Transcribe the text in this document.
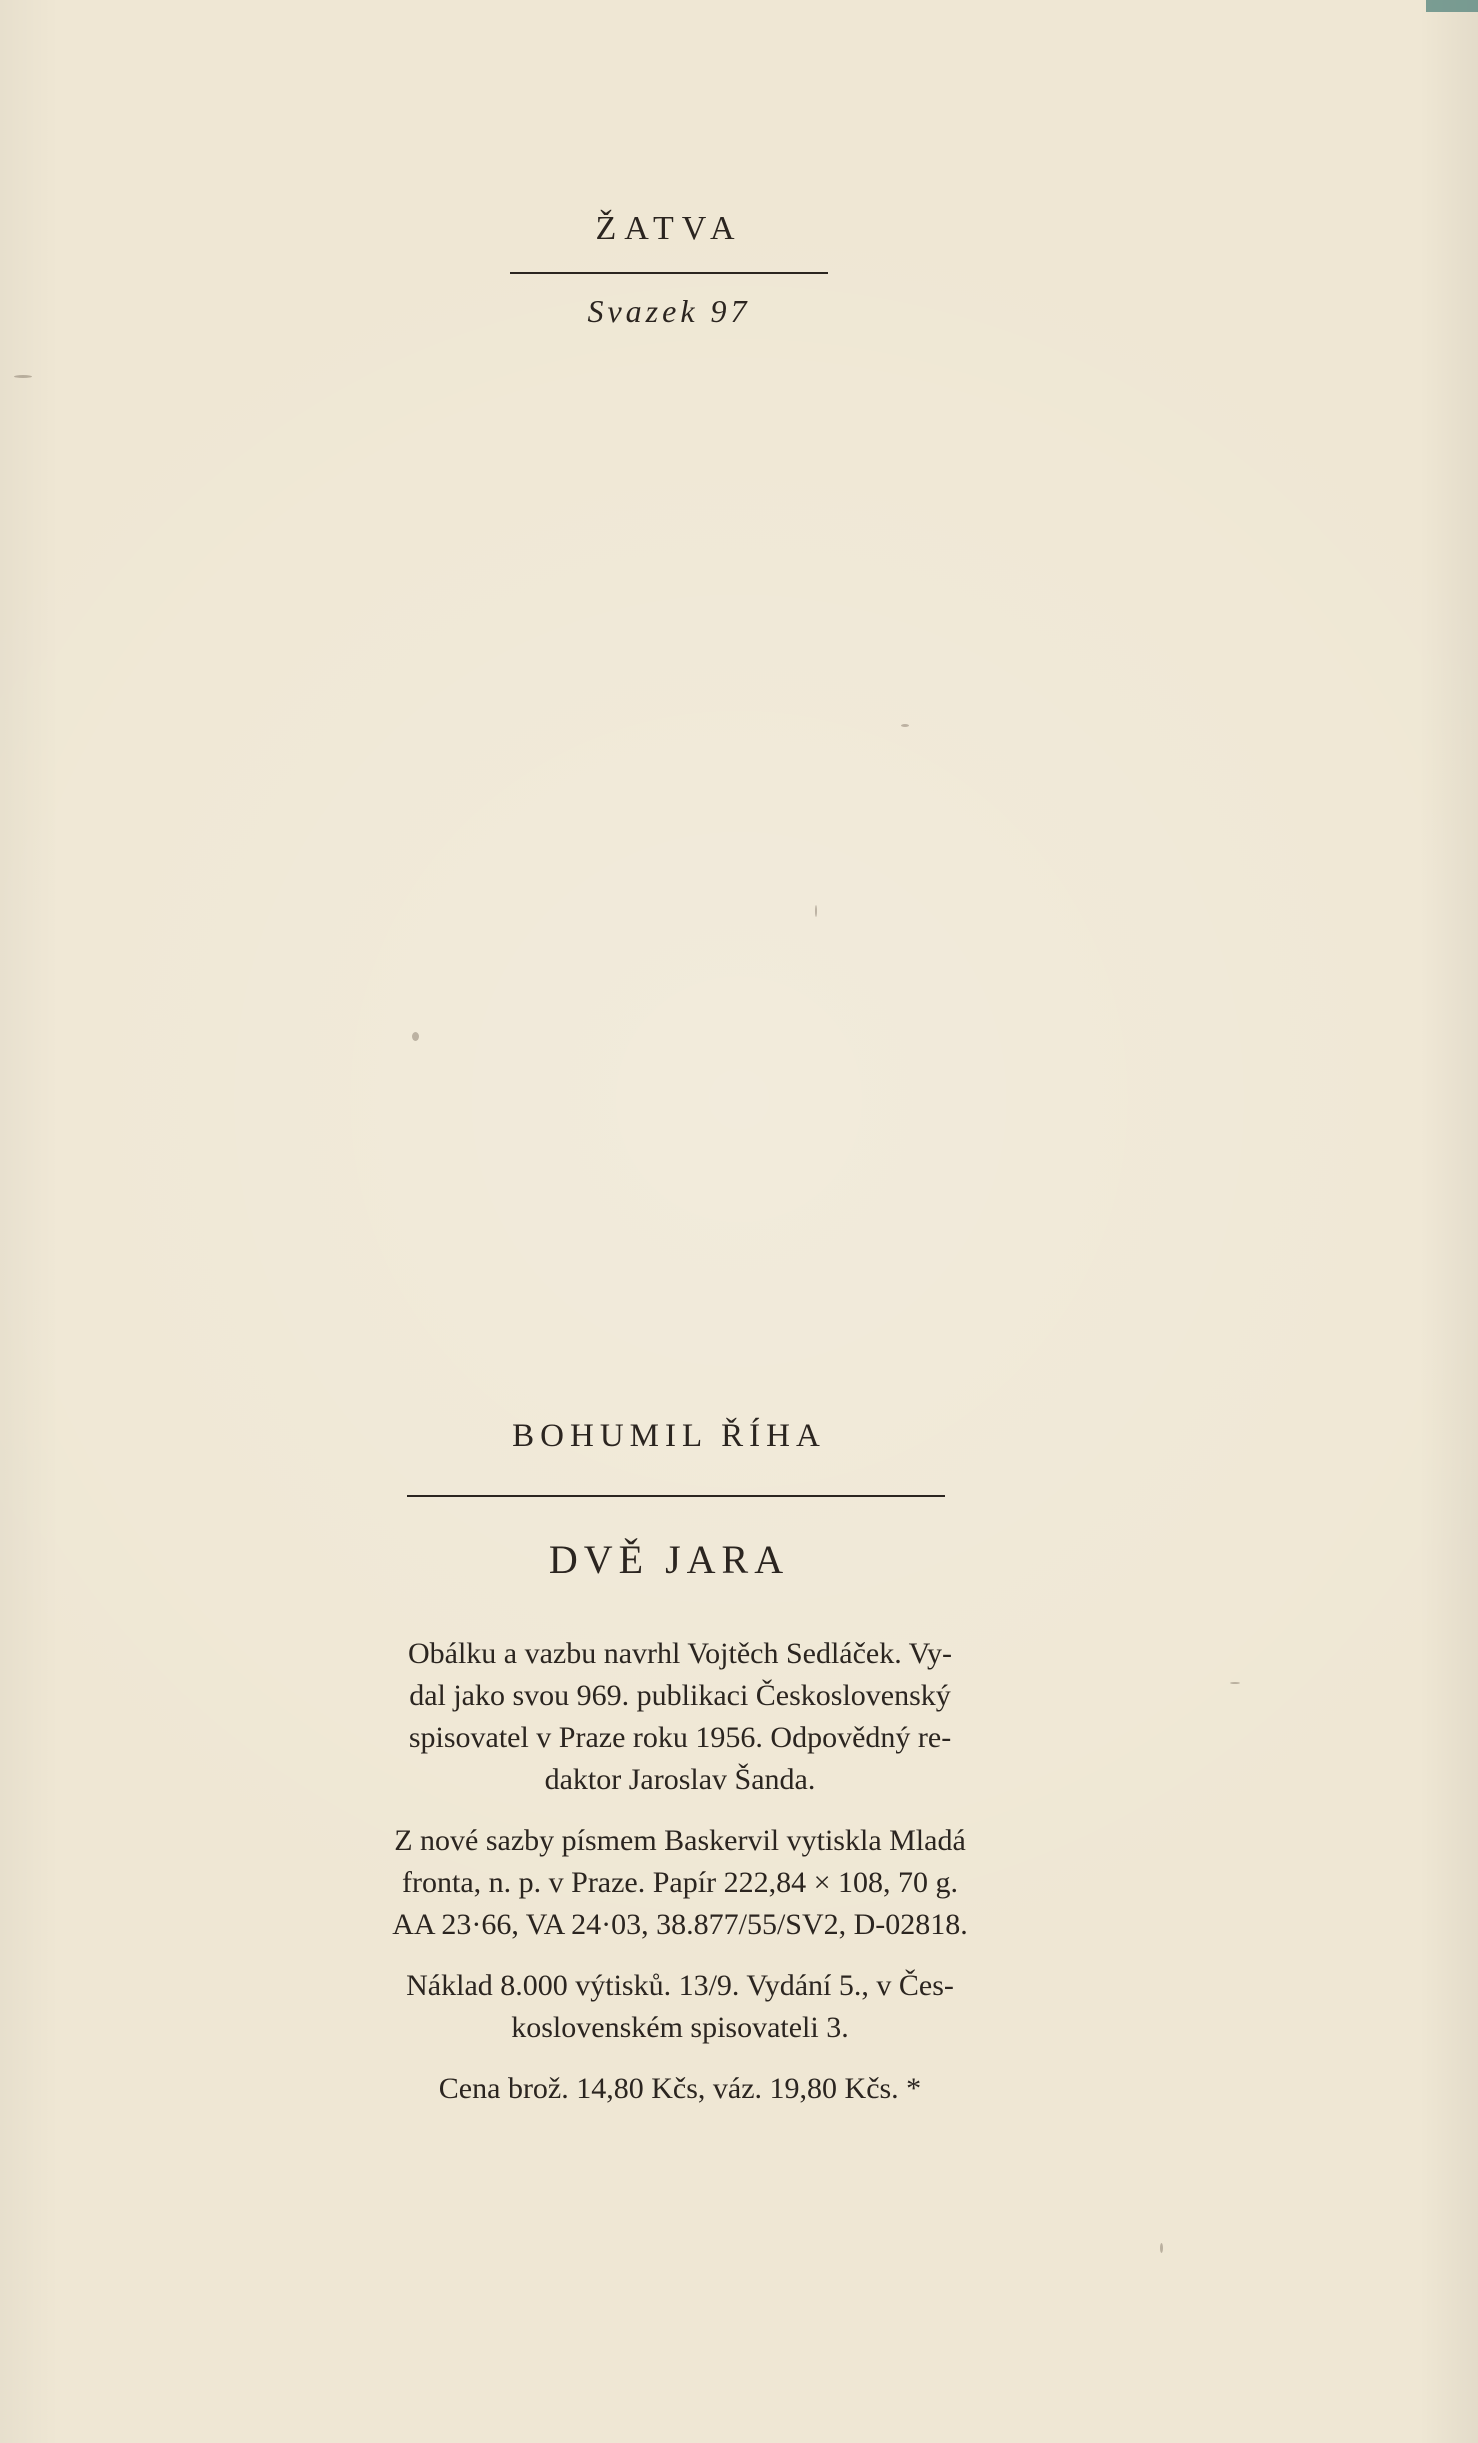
ŽATVA
Svazek 97
BOHUMIL ŘÍHA
DVĚ JARA

Obálku a vazbu navrhl Vojtěch Sedláček. Vy-
dal jako svou 969. publikaci Československý
spisovatel v Praze roku 1956. Odpovědný re-
daktor Jaroslav Šanda.

Z nové sazby písmem Baskervil vytiskla Mladá
fronta, n. p. v Praze. Papír 222,84 × 108, 70 g.
AA 23·66, VA 24·03, 38.877/55/SV2, D-02818.

Náklad 8.000 výtisků. 13/9. Vydání 5., v Čes-
koslovenském spisovateli 3.

Cena brož. 14,80 Kčs, váz. 19,80 Kčs. *
